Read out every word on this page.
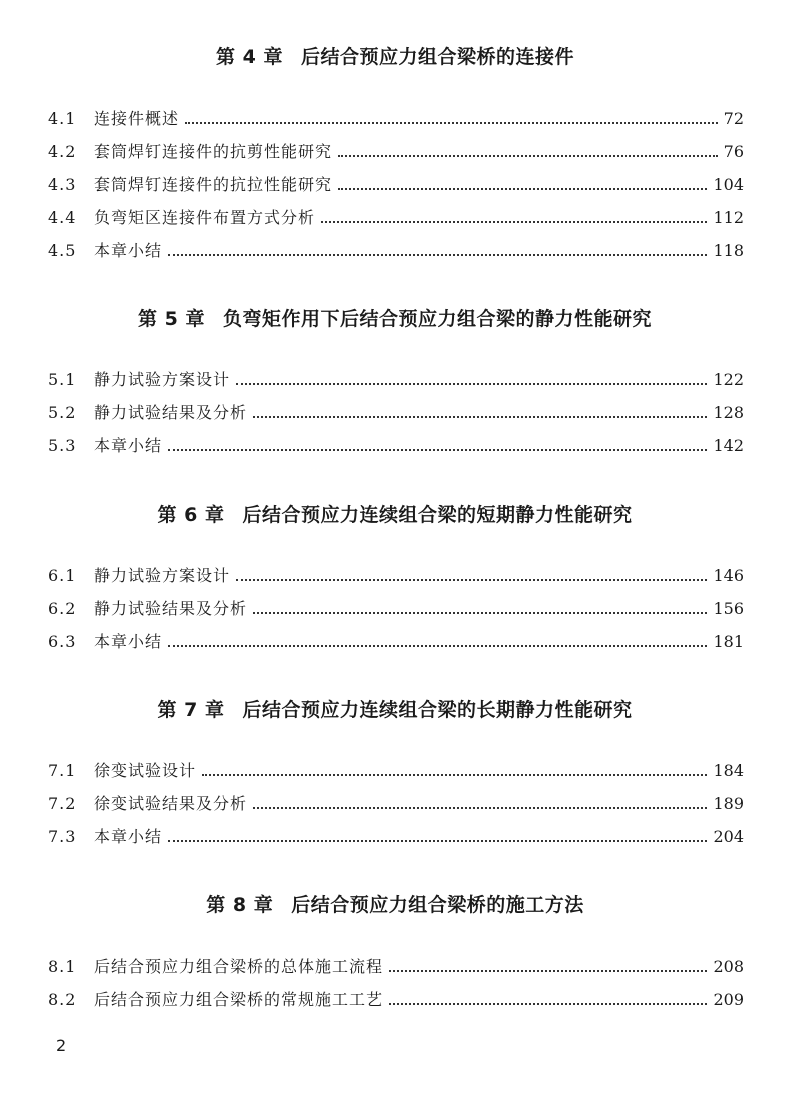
第 4 章 后结合预应力组合梁桥的连接件
4.1	连接件概述	72
4.2	套筒焊钉连接件的抗剪性能研究	76
4.3	套筒焊钉连接件的抗拉性能研究	104
4.4	负弯矩区连接件布置方式分析	112
4.5	本章小结	118
第 5 章 负弯矩作用下后结合预应力组合梁的静力性能研究
5.1	静力试验方案设计	122
5.2	静力试验结果及分析	128
5.3	本章小结	142
第 6 章 后结合预应力连续组合梁的短期静力性能研究
6.1	静力试验方案设计	146
6.2	静力试验结果及分析	156
6.3	本章小结	181
第 7 章 后结合预应力连续组合梁的长期静力性能研究
7.1	徐变试验设计	184
7.2	徐变试验结果及分析	189
7.3	本章小结	204
第 8 章 后结合预应力组合梁桥的施工方法
8.1	后结合预应力组合梁桥的总体施工流程	208
8.2	后结合预应力组合梁桥的常规施工工艺	209
2
